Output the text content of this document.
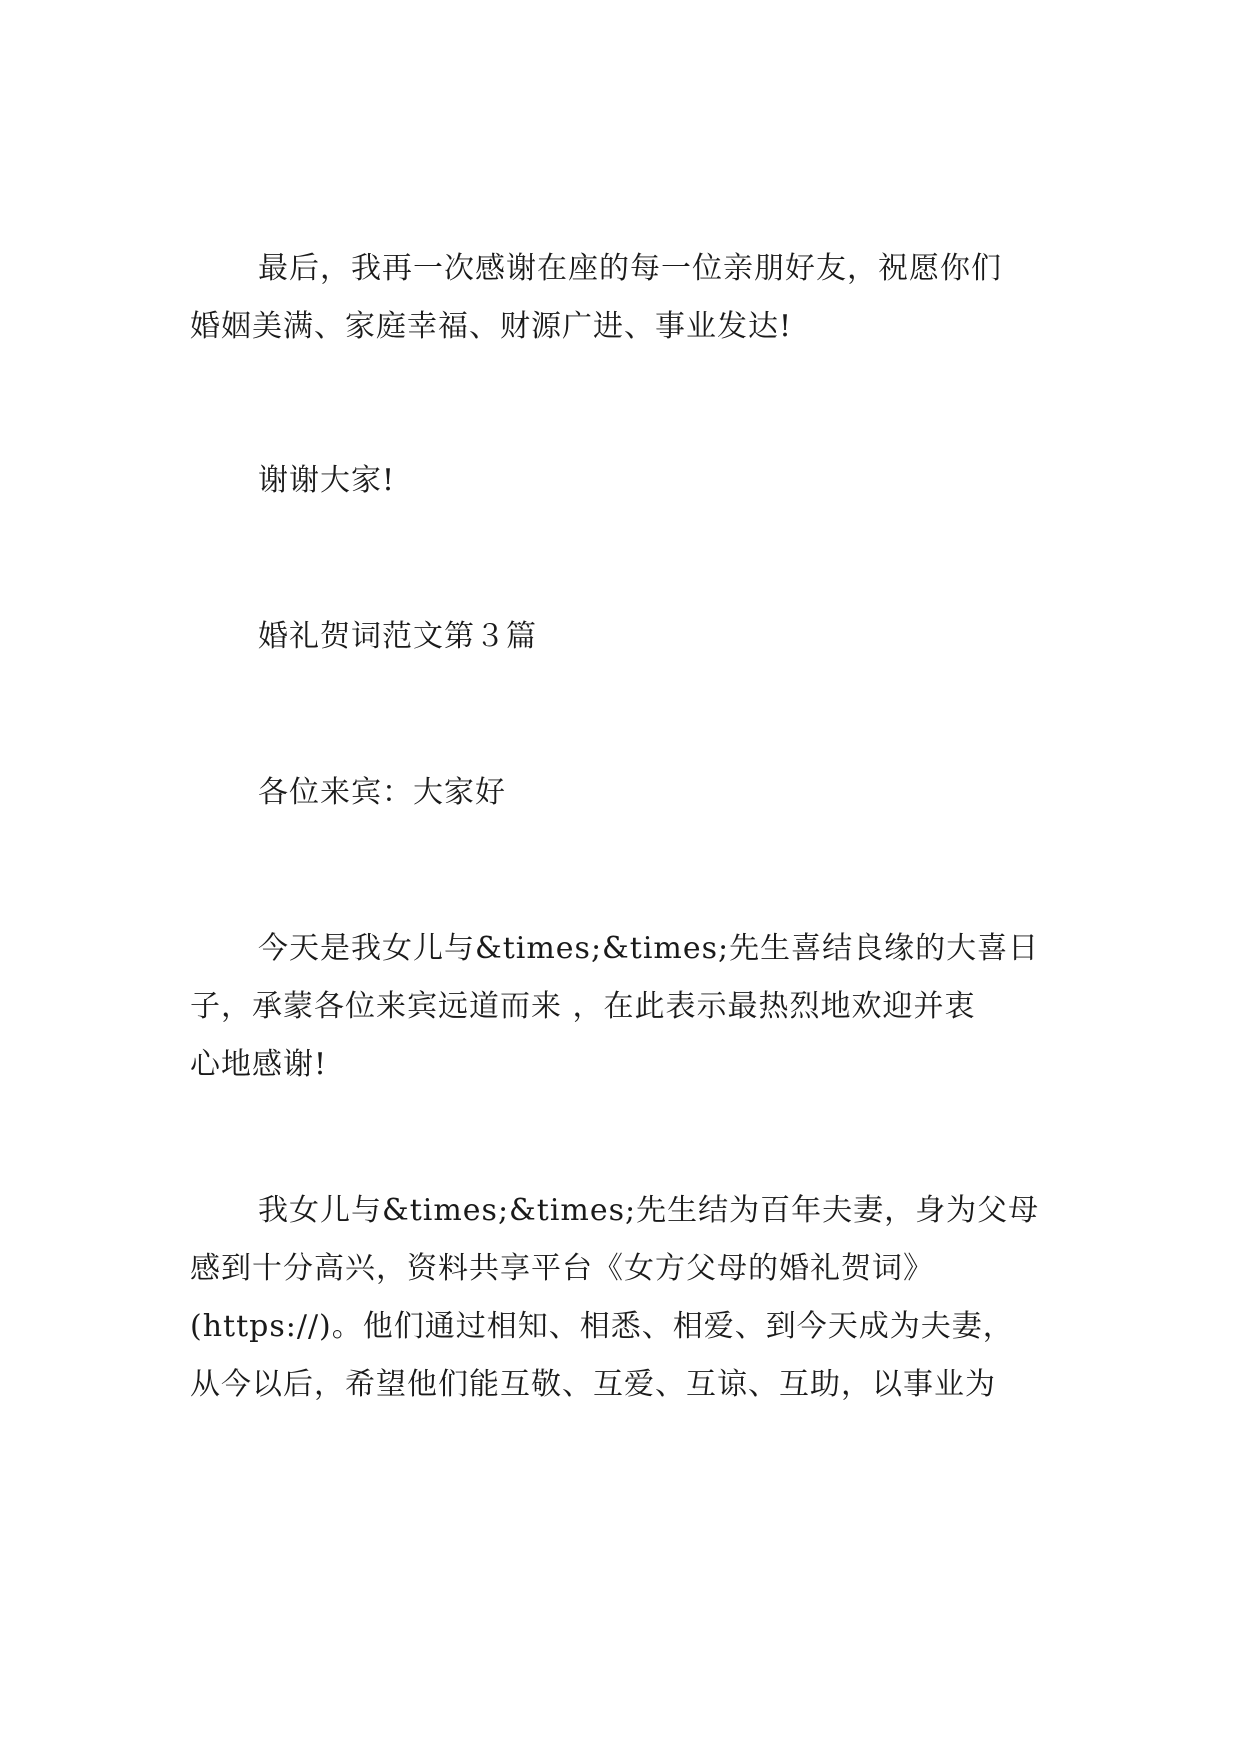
最后，我再一次感谢在座的每一位亲朋好友，祝愿你们
婚姻美满、家庭幸福、财源广进、事业发达!
谢谢大家!
婚礼贺词范文第３篇
各位来宾：大家好
今天是我女儿与&times;&times;先生喜结良缘的大喜日
子，承蒙各位来宾远道而来 ，在此表示最热烈地欢迎并衷
心地感谢!
我女儿与&times;&times;先生结为百年夫妻，身为父母
感到十分高兴，资料共享平台《女方父母的婚礼贺词》
(https://)。他们通过相知、相悉、相爱、到今天成为夫妻，
从今以后，希望他们能互敬、互爱、互谅、互助，以事业为
